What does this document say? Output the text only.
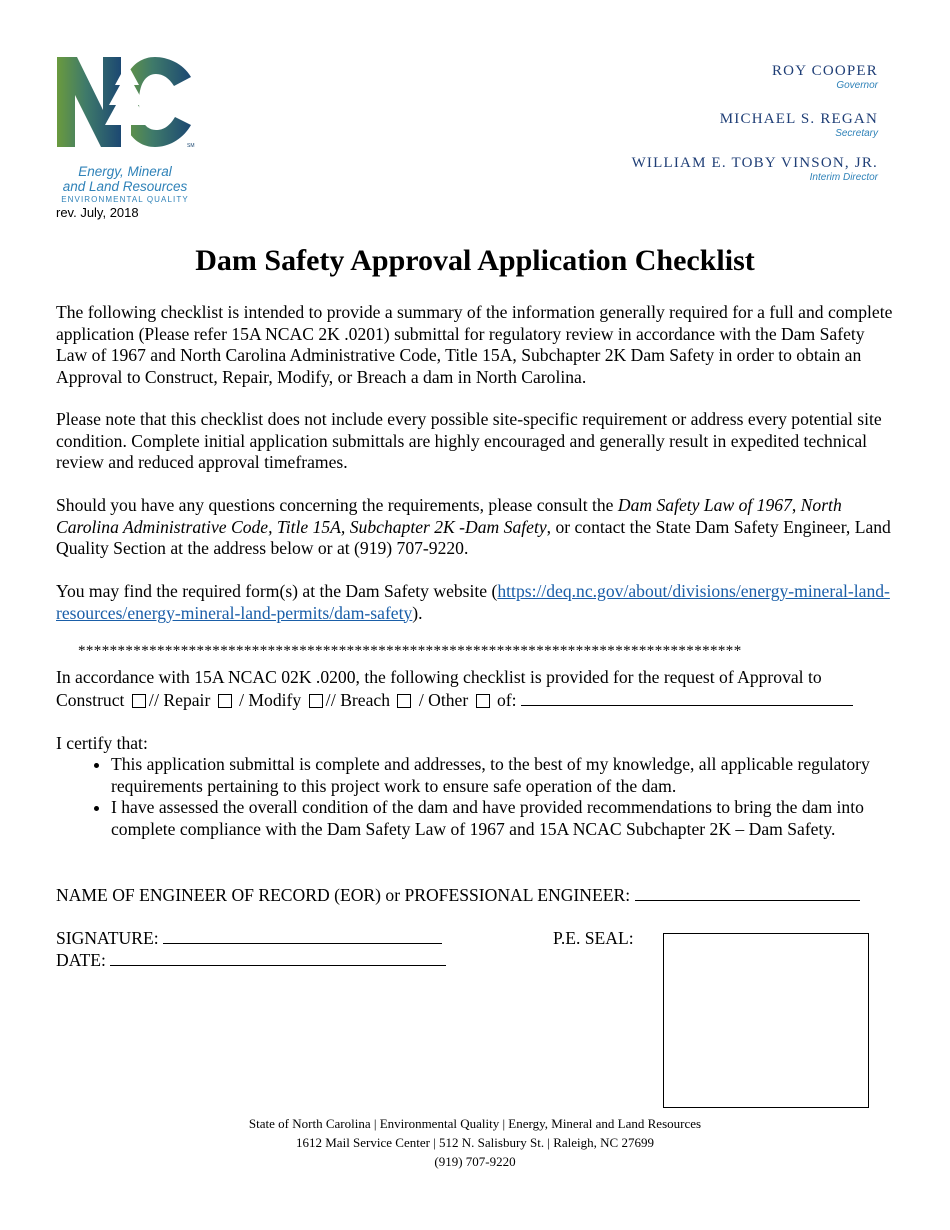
SM
Energy, Mineral
and Land Resources
ENVIRONMENTAL QUALITY
rev. July, 2018
ROY COOPER
Governor
MICHAEL S. REGAN
Secretary
WILLIAM E. TOBY VINSON, JR.
Interim Director
Dam Safety Approval Application Checklist

The following checklist is intended to provide a summary of the information generally required for a full and complete application (Please refer 15A NCAC 2K .0201) submittal for regulatory review in accordance with the Dam Safety Law of 1967 and North Carolina Administrative Code, Title 15A, Subchapter 2K Dam Safety in order to obtain an Approval to Construct, Repair, Modify, or Breach a dam in North Carolina.

Please note that this checklist does not include every possible site-specific requirement or address every potential site condition. Complete initial application submittals are highly encouraged and generally result in expedited technical review and reduced approval timeframes.

Should you have any questions concerning the requirements, please consult the Dam Safety Law of 1967, North Carolina Administrative Code, Title 15A, Subchapter 2K -Dam Safety, or contact the State Dam Safety Engineer, Land Quality Section at the address below or at (919) 707-9220.

You may find the required form(s) at the Dam Safety website (https://deq.nc.gov/about/divisions/energy-mineral-land-resources/energy-mineral-land-permits/dam-safety).

************************************************************************************
In accordance with 15A NCAC 02K .0200, the following checklist is provided for the request of Approval to
Construct / / Repair / Modify / / Breach / Other of:
I certify that:
• This application submittal is complete and addresses, to the best of my knowledge, all applicable regulatory requirements pertaining to this project work to ensure safe operation of the dam.
• I have assessed the overall condition of the dam and have provided recommendations to bring the dam into complete compliance with the Dam Safety Law of 1967 and 15A NCAC Subchapter 2K – Dam Safety.
NAME OF ENGINEER OF RECORD (EOR) or PROFESSIONAL ENGINEER:
SIGNATURE:
DATE:
P.E. SEAL:
State of North Carolina | Environmental Quality | Energy, Mineral and Land Resources
1612 Mail Service Center | 512 N. Salisbury St. | Raleigh, NC 27699
(919) 707-9220
